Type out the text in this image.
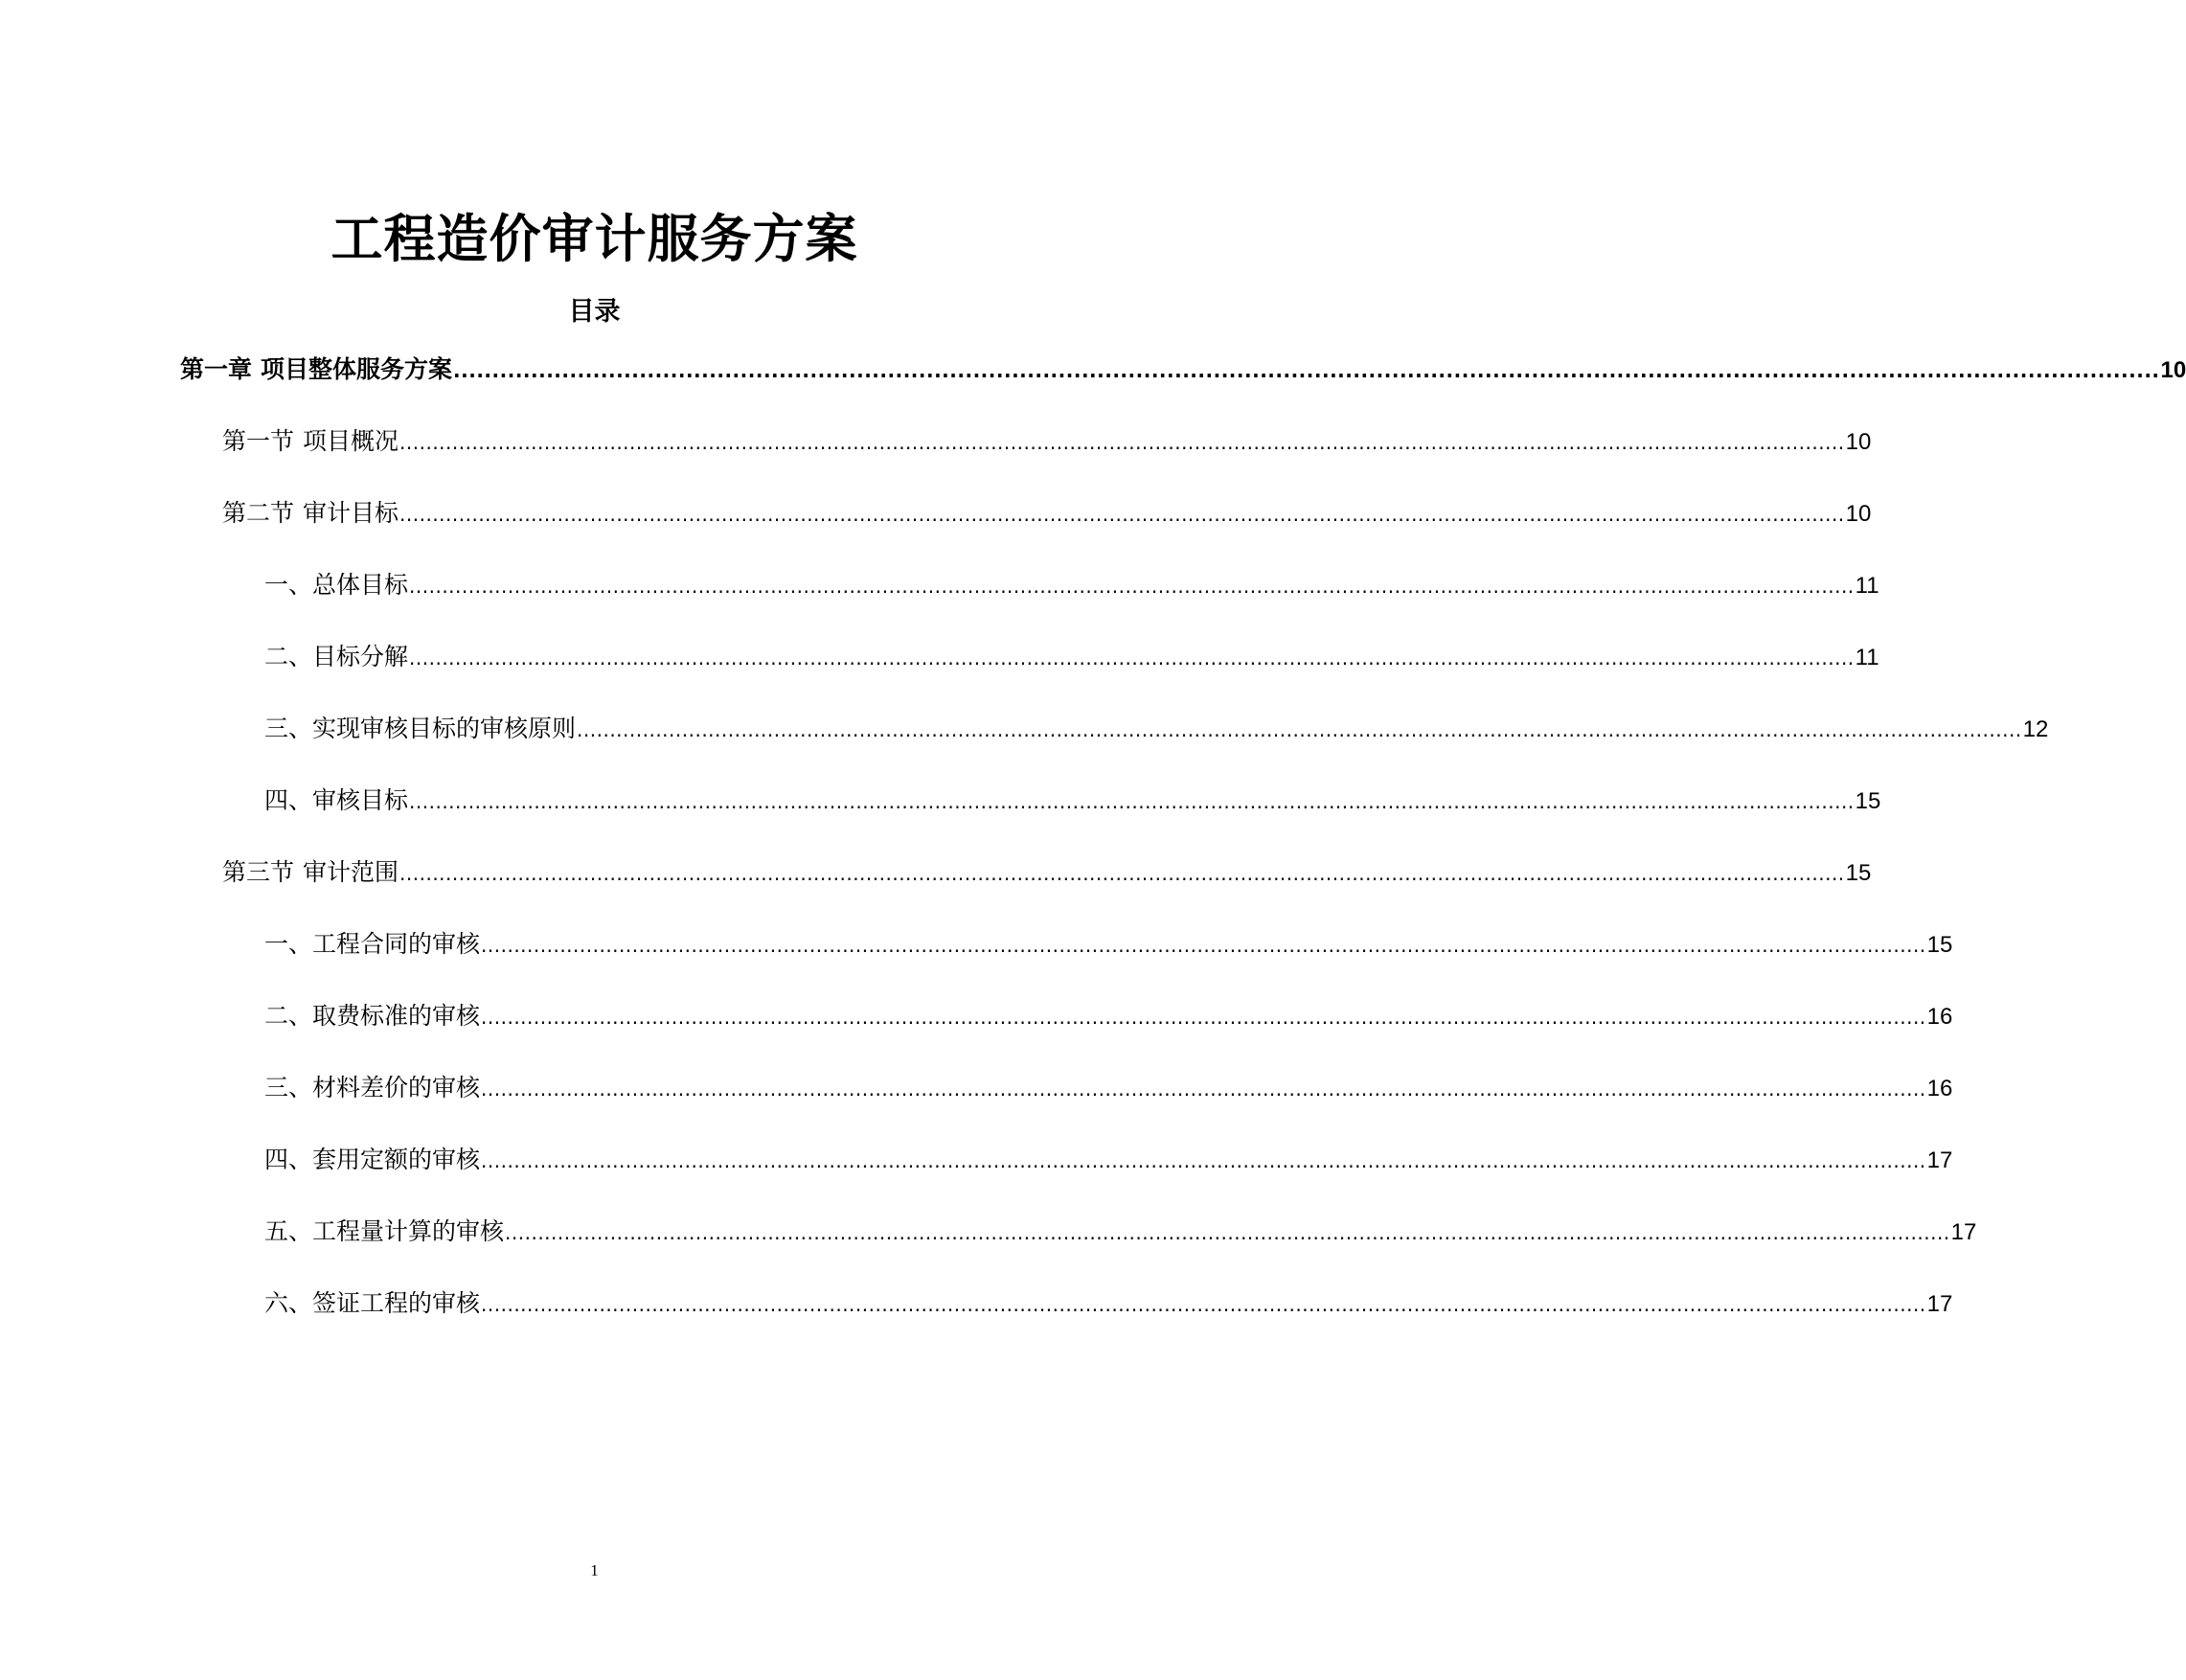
工程造价审计服务方案
目录
第一章 项目整体服务方案 ............................................................................................................................................................................................................................ 10
第一节 项目概况 ............................................................................................................................................................................................................................ 10
第二节 审计目标 ............................................................................................................................................................................................................................ 10
一、总体目标 ............................................................................................................................................................................................................................ 11
二、目标分解 ............................................................................................................................................................................................................................ 11
三、实现审核目标的审核原则 ............................................................................................................................................................................................................................ 12
四、审核目标 ............................................................................................................................................................................................................................ 15
第三节 审计范围 ............................................................................................................................................................................................................................ 15
一、工程合同的审核 ............................................................................................................................................................................................................................ 15
二、取费标准的审核 ............................................................................................................................................................................................................................ 16
三、材料差价的审核 ............................................................................................................................................................................................................................ 16
四、套用定额的审核 ............................................................................................................................................................................................................................ 17
五、工程量计算的审核 ............................................................................................................................................................................................................................ 17
六、签证工程的审核 ............................................................................................................................................................................................................................ 17
1
